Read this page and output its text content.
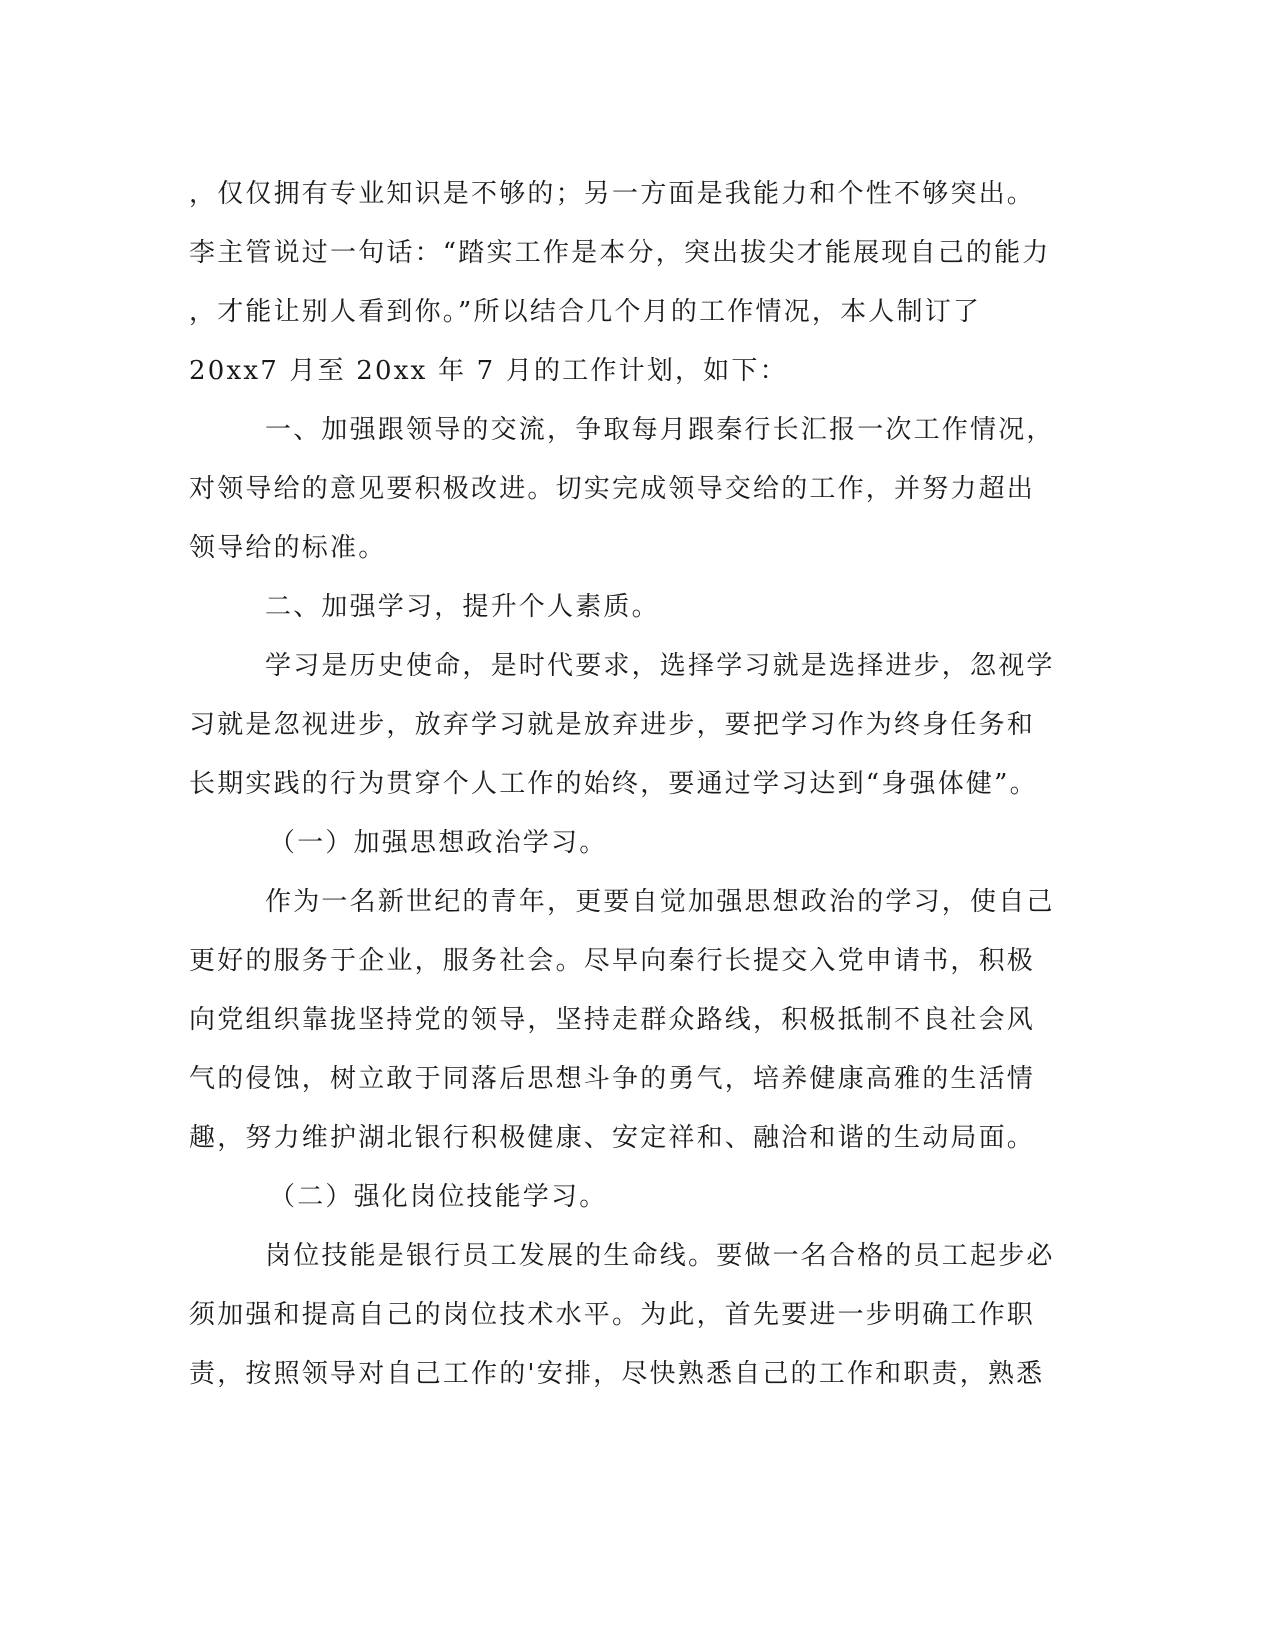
，仅仅拥有专业知识是不够的；另一方面是我能力和个性不够突出。
李主管说过一句话：“踏实工作是本分，突出拔尖才能展现自己的能力
，才能让别人看到你。”所以结合几个月的工作情况，本人制订了
20xx7 月至 20xx 年 7 月的工作计划，如下：
一、加强跟领导的交流，争取每月跟秦行长汇报一次工作情况，
对领导给的意见要积极改进。切实完成领导交给的工作，并努力超出
领导给的标准。
二、加强学习，提升个人素质。
学习是历史使命，是时代要求，选择学习就是选择进步，忽视学
习就是忽视进步，放弃学习就是放弃进步，要把学习作为终身任务和
长期实践的行为贯穿个人工作的始终，要通过学习达到“身强体健”。
（一）加强思想政治学习。
作为一名新世纪的青年，更要自觉加强思想政治的学习，使自己
更好的服务于企业，服务社会。尽早向秦行长提交入党申请书，积极
向党组织靠拢坚持党的领导，坚持走群众路线，积极抵制不良社会风
气的侵蚀，树立敢于同落后思想斗争的勇气，培养健康高雅的生活情
趣，努力维护湖北银行积极健康、安定祥和、融洽和谐的生动局面。
（二）强化岗位技能学习。
岗位技能是银行员工发展的生命线。要做一名合格的员工起步必
须加强和提高自己的岗位技术水平。为此，首先要进一步明确工作职
责，按照领导对自己工作的'安排，尽快熟悉自己的工作和职责，熟悉
